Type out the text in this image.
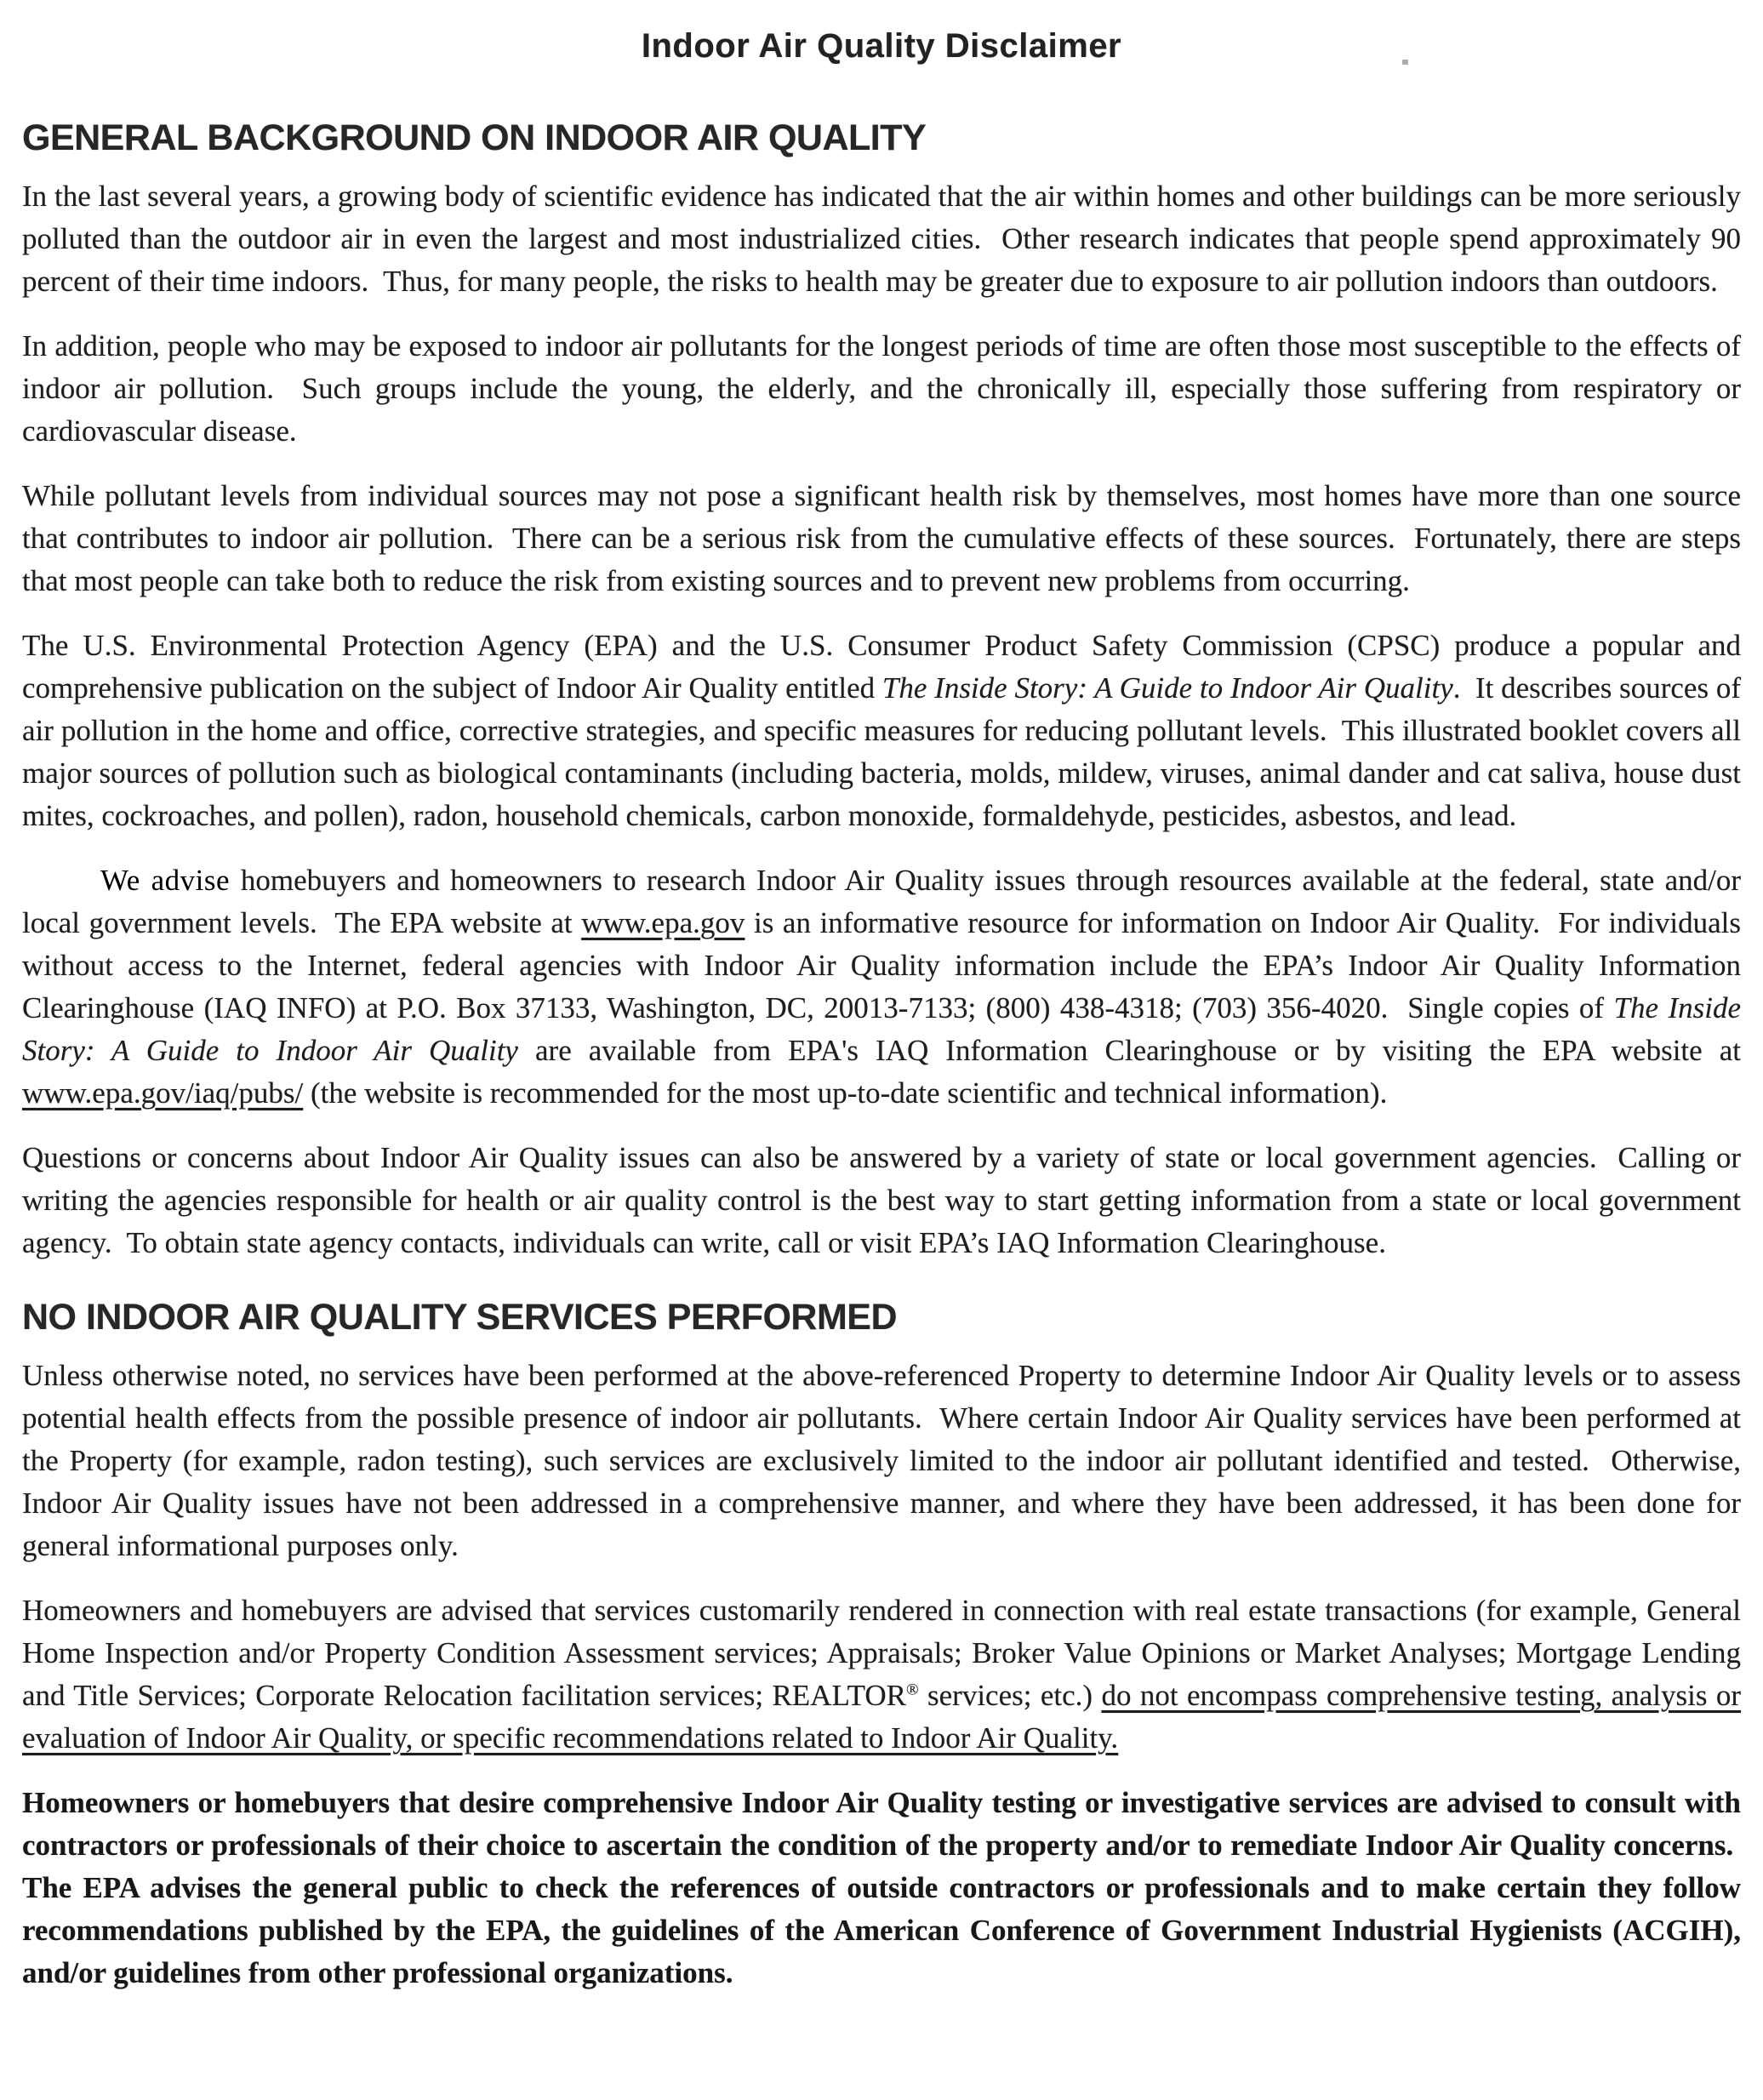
Indoor Air Quality Disclaimer
GENERAL BACKGROUND ON INDOOR AIR QUALITY

In the last several years, a growing body of scientific evidence has indicated that the air within homes and other buildings can be more seriously polluted than the outdoor air in even the largest and most industrialized cities.  Other research indicates that people spend approximately 90 percent of their time indoors.  Thus, for many people, the risks to health may be greater due to exposure to air pollution indoors than outdoors.

In addition, people who may be exposed to indoor air pollutants for the longest periods of time are often those most susceptible to the effects of indoor air pollution.  Such groups include the young, the elderly, and the chronically ill, especially those suffering from respiratory or cardiovascular disease.

While pollutant levels from individual sources may not pose a significant health risk by themselves, most homes have more than one source that contributes to indoor air pollution.  There can be a serious risk from the cumulative effects of these sources.  Fortunately, there are steps that most people can take both to reduce the risk from existing sources and to prevent new problems from occurring.

The U.S. Environmental Protection Agency (EPA) and the U.S. Consumer Product Safety Commission (CPSC) produce a popular and comprehensive publication on the subject of Indoor Air Quality entitled The Inside Story: A Guide to Indoor Air Quality.  It describes sources of air pollution in the home and office, corrective strategies, and specific measures for reducing pollutant levels.  This illustrated booklet covers all major sources of pollution such as biological contaminants (including bacteria, molds, mildew, viruses, animal dander and cat saliva, house dust mites, cockroaches, and pollen), radon, household chemicals, carbon monoxide, formaldehyde, pesticides, asbestos, and lead.

We advise homebuyers and homeowners to research Indoor Air Quality issues through resources available at the federal, state and/or local government levels.  The EPA website at www.epa.gov is an informative resource for information on Indoor Air Quality.  For individuals without access to the Internet, federal agencies with Indoor Air Quality information include the EPA’s Indoor Air Quality Information Clearinghouse (IAQ INFO) at P.O. Box 37133, Washington, DC, 20013-7133; (800) 438-4318; (703) 356-4020.  Single copies of The Inside Story: A Guide to Indoor Air Quality are available from EPA's IAQ Information Clearinghouse or by visiting the EPA website at www.epa.gov/iaq/pubs/ (the website is recommended for the most up-to-date scientific and technical information).

Questions or concerns about Indoor Air Quality issues can also be answered by a variety of state or local government agencies.  Calling or writing the agencies responsible for health or air quality control is the best way to start getting information from a state or local government agency.  To obtain state agency contacts, individuals can write, call or visit EPA’s IAQ Information Clearinghouse.

NO INDOOR AIR QUALITY SERVICES PERFORMED

Unless otherwise noted, no services have been performed at the above-referenced Property to determine Indoor Air Quality levels or to assess potential health effects from the possible presence of indoor air pollutants.  Where certain Indoor Air Quality services have been performed at the Property (for example, radon testing), such services are exclusively limited to the indoor air pollutant identified and tested.  Otherwise, Indoor Air Quality issues have not been addressed in a comprehensive manner, and where they have been addressed, it has been done for general informational purposes only.

Homeowners and homebuyers are advised that services customarily rendered in connection with real estate transactions (for example, General Home Inspection and/or Property Condition Assessment services; Appraisals; Broker Value Opinions or Market Analyses; Mortgage Lending and Title Services; Corporate Relocation facilitation services; REALTOR® services; etc.) do not encompass comprehensive testing, analysis or evaluation of Indoor Air Quality, or specific recommendations related to Indoor Air Quality.

Homeowners or homebuyers that desire comprehensive Indoor Air Quality testing or investigative services are advised to consult with contractors or professionals of their choice to ascertain the condition of the property and/or to remediate Indoor Air Quality concerns.  The EPA advises the general public to check the references of outside contractors or professionals and to make certain they follow recommendations published by the EPA, the guidelines of the American Conference of Government Industrial Hygienists (ACGIH), and/or guidelines from other professional organizations.
